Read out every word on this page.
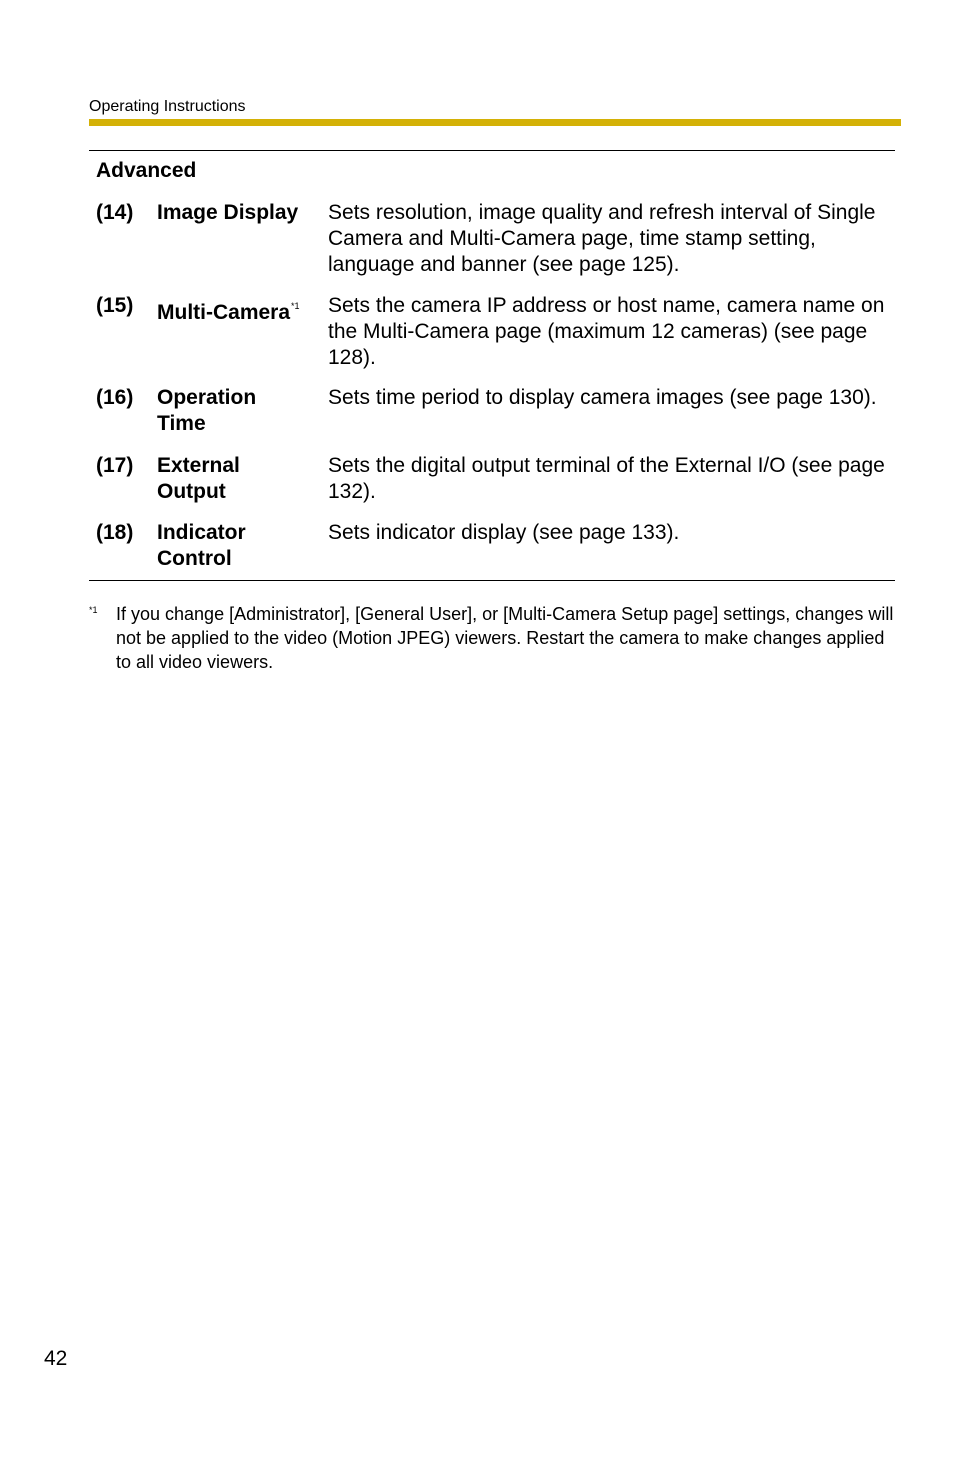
Operating Instructions
Advanced
(14) Image Display	Sets resolution, image quality and refresh interval of Single Camera and Multi-Camera page, time stamp setting, language and banner (see page 125).
(15) Multi-Camera$^{*1}$	Sets the camera IP address or host name, camera name on the Multi-Camera page (maximum 12 cameras) (see page 128).
(16) Operation Time
Sets time period to display camera images (see page 130).
(17) External Output
Sets the digital output terminal of the External I/O (see page 132).
(18) Indicator Control
Sets indicator display (see page 133).
*1 If you change [Administrator], [General User], or [Multi-Camera Setup page] settings, changes will not be applied to the video (Motion JPEG) viewers. Restart the camera to make changes applied to all video viewers.
42
